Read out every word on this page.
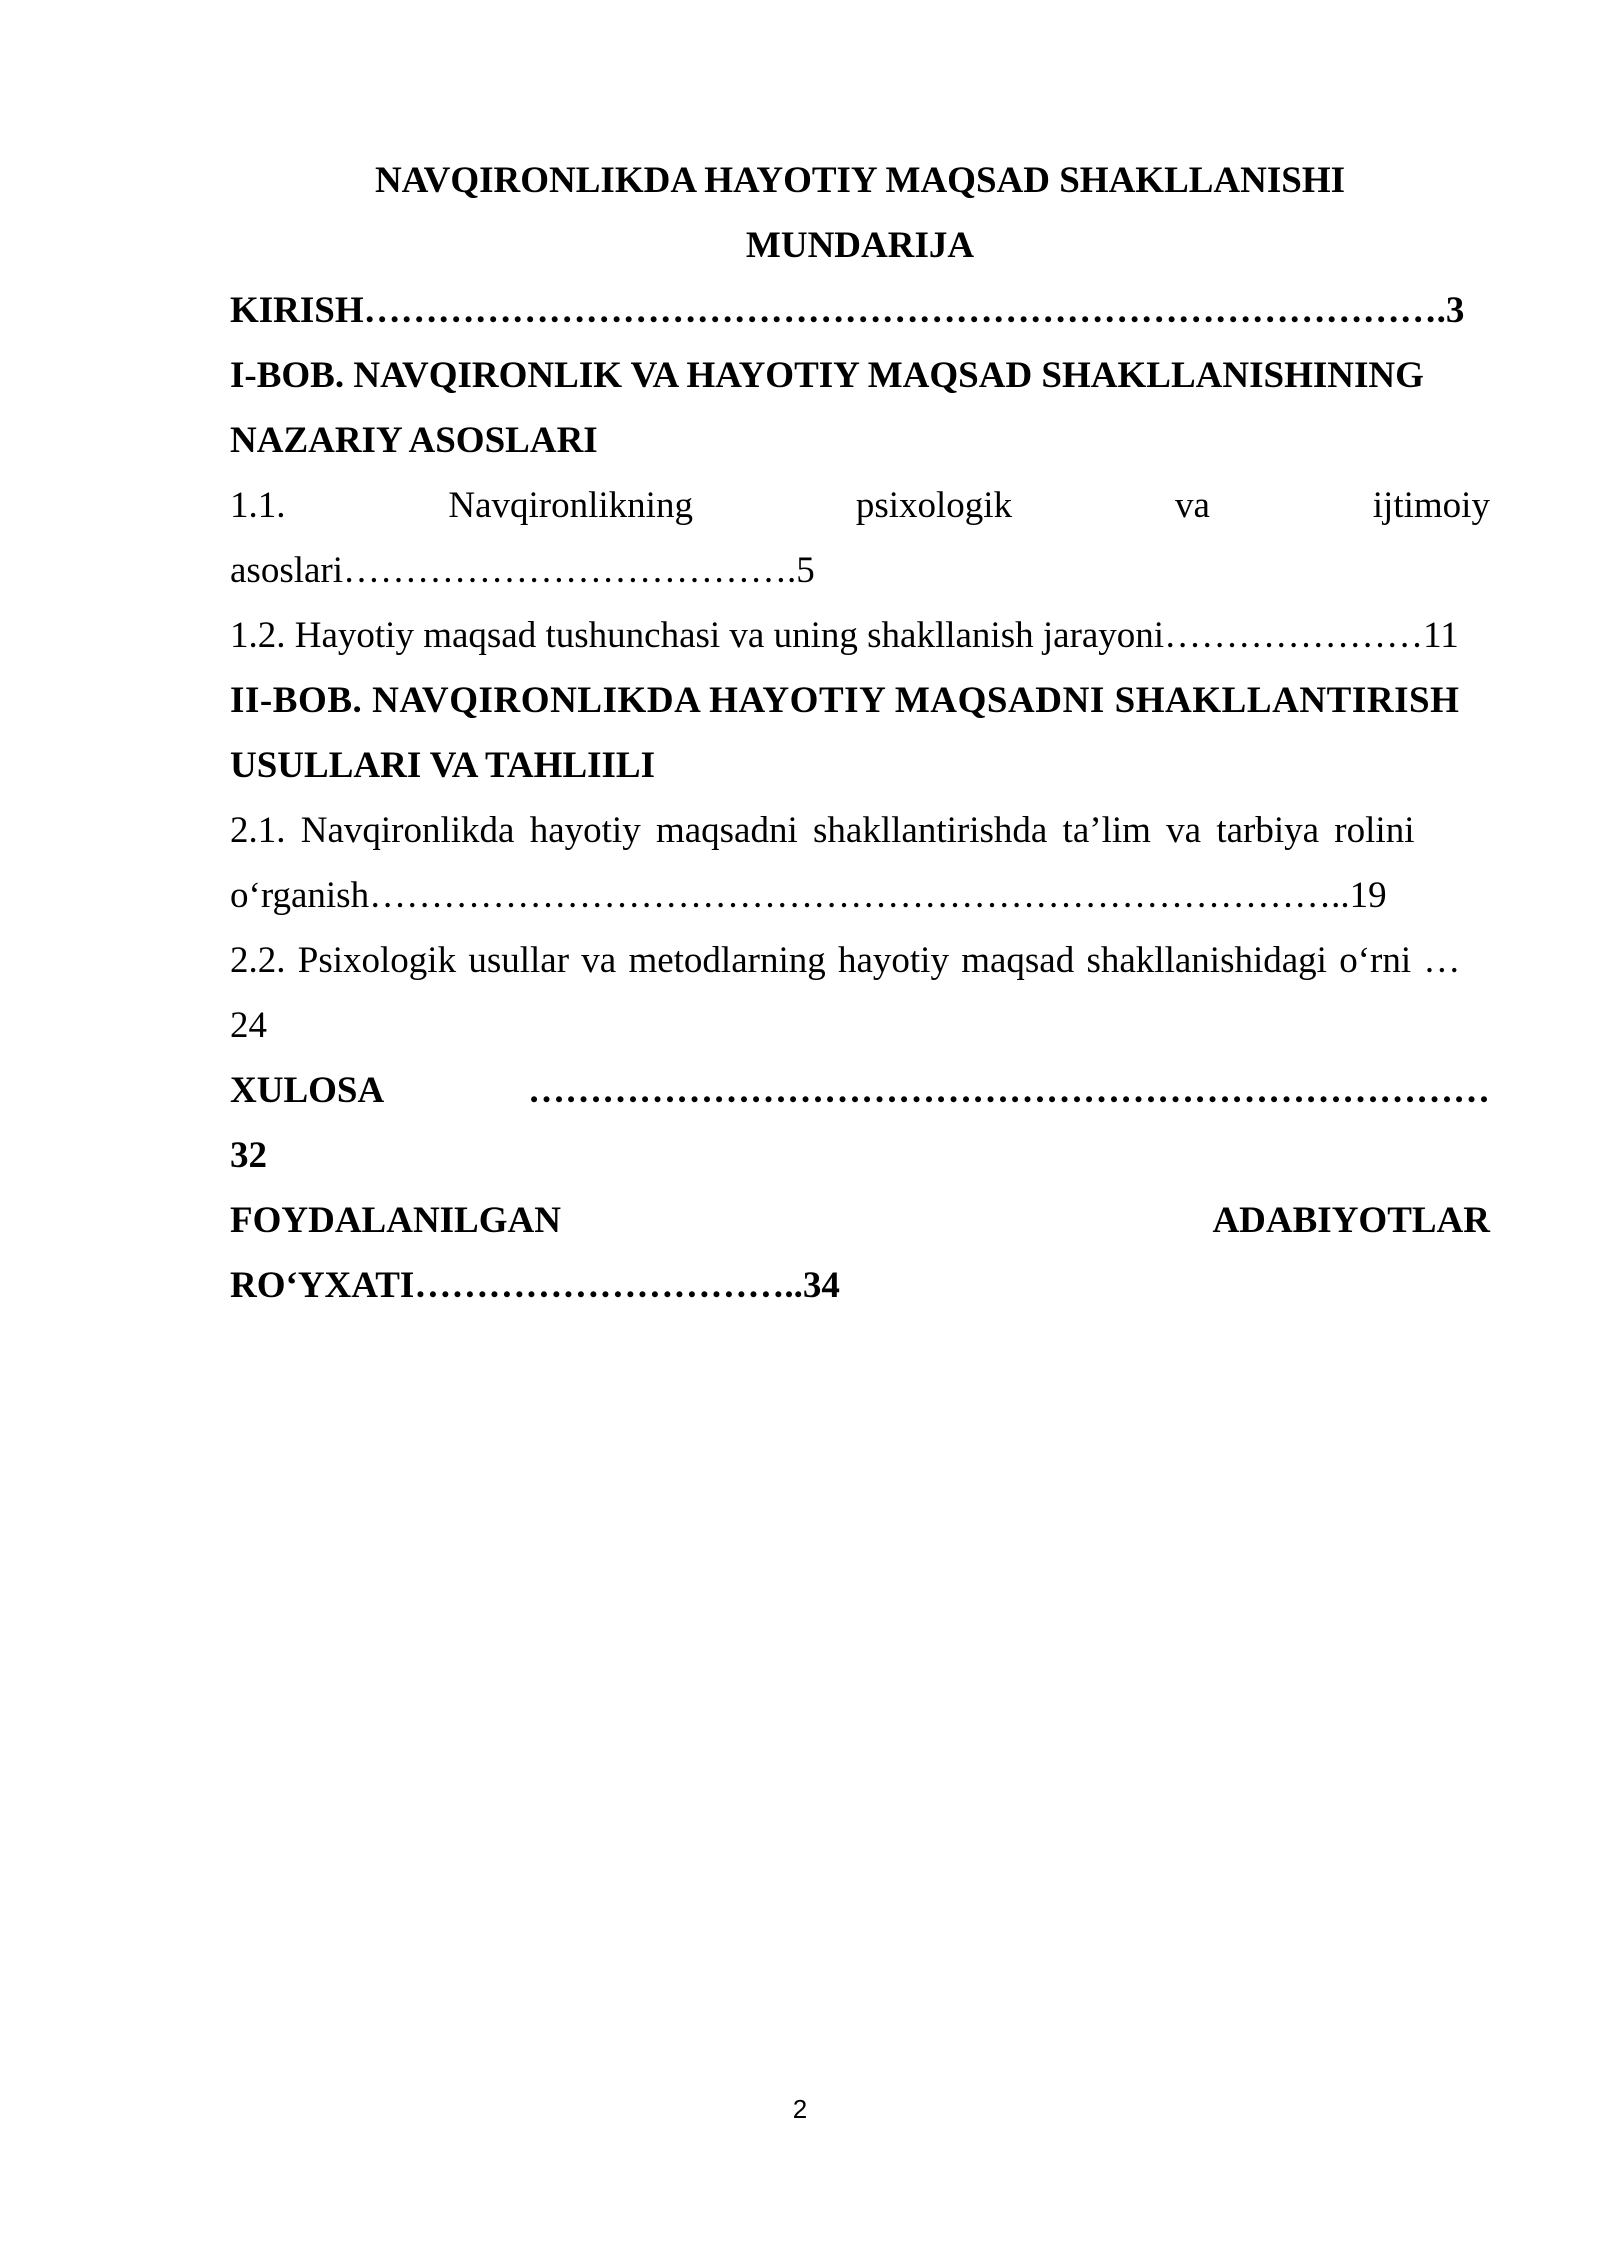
NAVQIRONLIKDA HAYOTIY MAQSAD SHAKLLANISHI
MUNDARIJA
KIRISH…………………………………………………………………………….3
I-BOB. NAVQIRONLIK VA HAYOTIY MAQSAD SHAKLLANISHINING
NAZARIY ASOSLARI
1.1.	Navqironlikning	psixologik	va	ijtimoiy
asoslari……………………………….5
1.2. Hayotiy maqsad tushunchasi va uning shakllanish jarayoni…………………11
II-BOB. NAVQIRONLIKDA HAYOTIY MAQSADNI SHAKLLANTIRISH
USULLARI VA TAHLIILI
2.1. Navqironlikda hayotiy maqsadni shakllantirishda ta’lim va tarbiya rolini
o‘rganish……………………………………………………………………..19
2.2. Psixologik usullar va metodlarning hayotiy maqsad shakllanishidagi o‘rni …
24
XULOSA	……………………………………………………………………
32
FOYDALANILGAN	ADABIYOTLAR
RO‘YXATI…………………………..34
2
